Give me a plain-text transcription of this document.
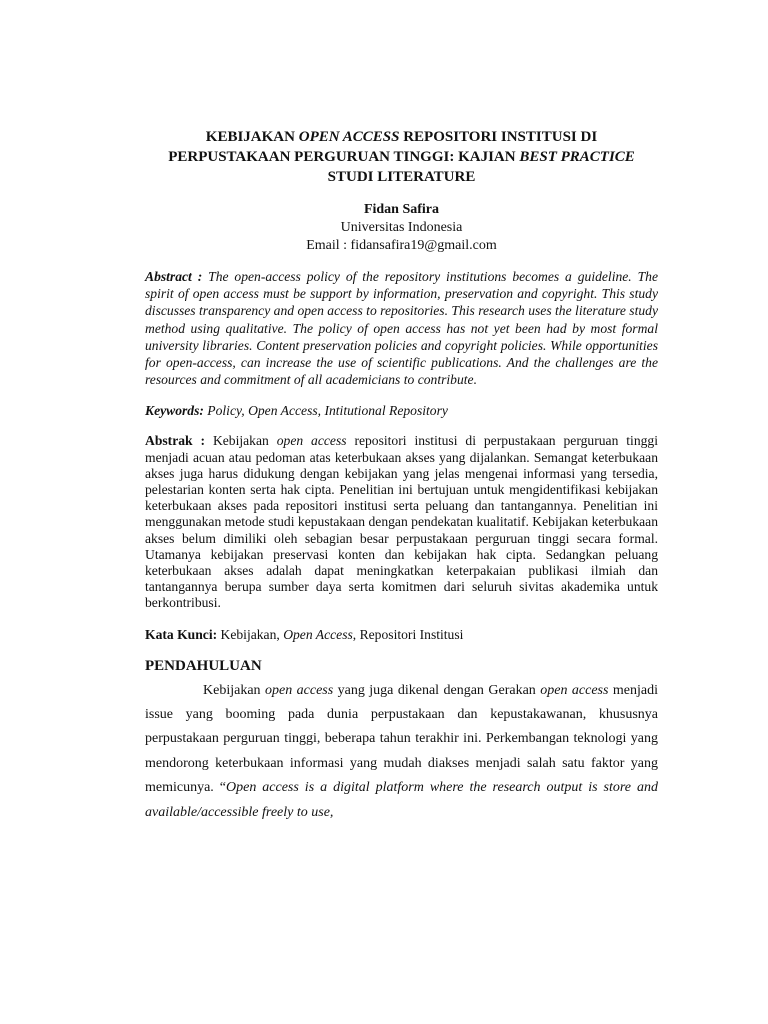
KEBIJAKAN OPEN ACCESS REPOSITORI INSTITUSI DI PERPUSTAKAAN PERGURUAN TINGGI: KAJIAN BEST PRACTICE STUDI LITERATURE

Fidan Safira
Universitas Indonesia
Email : fidansafira19@gmail.com
Abstract : The open-access policy of the repository institutions becomes a guideline. The spirit of open access must be support by information, preservation and copyright. This study discusses transparency and open access to repositories. This research uses the literature study method using qualitative. The policy of open access has not yet been had by most formal university libraries. Content preservation policies and copyright policies. While opportunities for open-access, can increase the use of scientific publications. And the challenges are the resources and commitment of all academicians to contribute.
Keywords: Policy, Open Access, Intitutional Repository
Abstrak : Kebijakan open access repositori institusi di perpustakaan perguruan tinggi menjadi acuan atau pedoman atas keterbukaan akses yang dijalankan. Semangat keterbukaan akses juga harus didukung dengan kebijakan yang jelas mengenai informasi yang tersedia, pelestarian konten serta hak cipta. Penelitian ini bertujuan untuk mengidentifikasi kebijakan keterbukaan akses pada repositori institusi serta peluang dan tantangannya. Penelitian ini menggunakan metode studi kepustakaan dengan pendekatan kualitatif. Kebijakan keterbukaan akses belum dimiliki oleh sebagian besar perpustakaan perguruan tinggi secara formal. Utamanya kebijakan preservasi konten dan kebijakan hak cipta. Sedangkan peluang keterbukaan akses adalah dapat meningkatkan keterpakaian publikasi ilmiah dan tantangannya berupa sumber daya serta komitmen dari seluruh sivitas akademika untuk berkontribusi.
Kata Kunci: Kebijakan, Open Access, Repositori Institusi
PENDAHULUAN

Kebijakan open access yang juga dikenal dengan Gerakan open access menjadi issue yang booming pada dunia perpustakaan dan kepustakawanan, khususnya perpustakaan perguruan tinggi, beberapa tahun terakhir ini. Perkembangan teknologi yang mendorong keterbukaan informasi yang mudah diakses menjadi salah satu faktor yang memicunya. “Open access is a digital platform where the research output is store and available/accessible freely to use,
